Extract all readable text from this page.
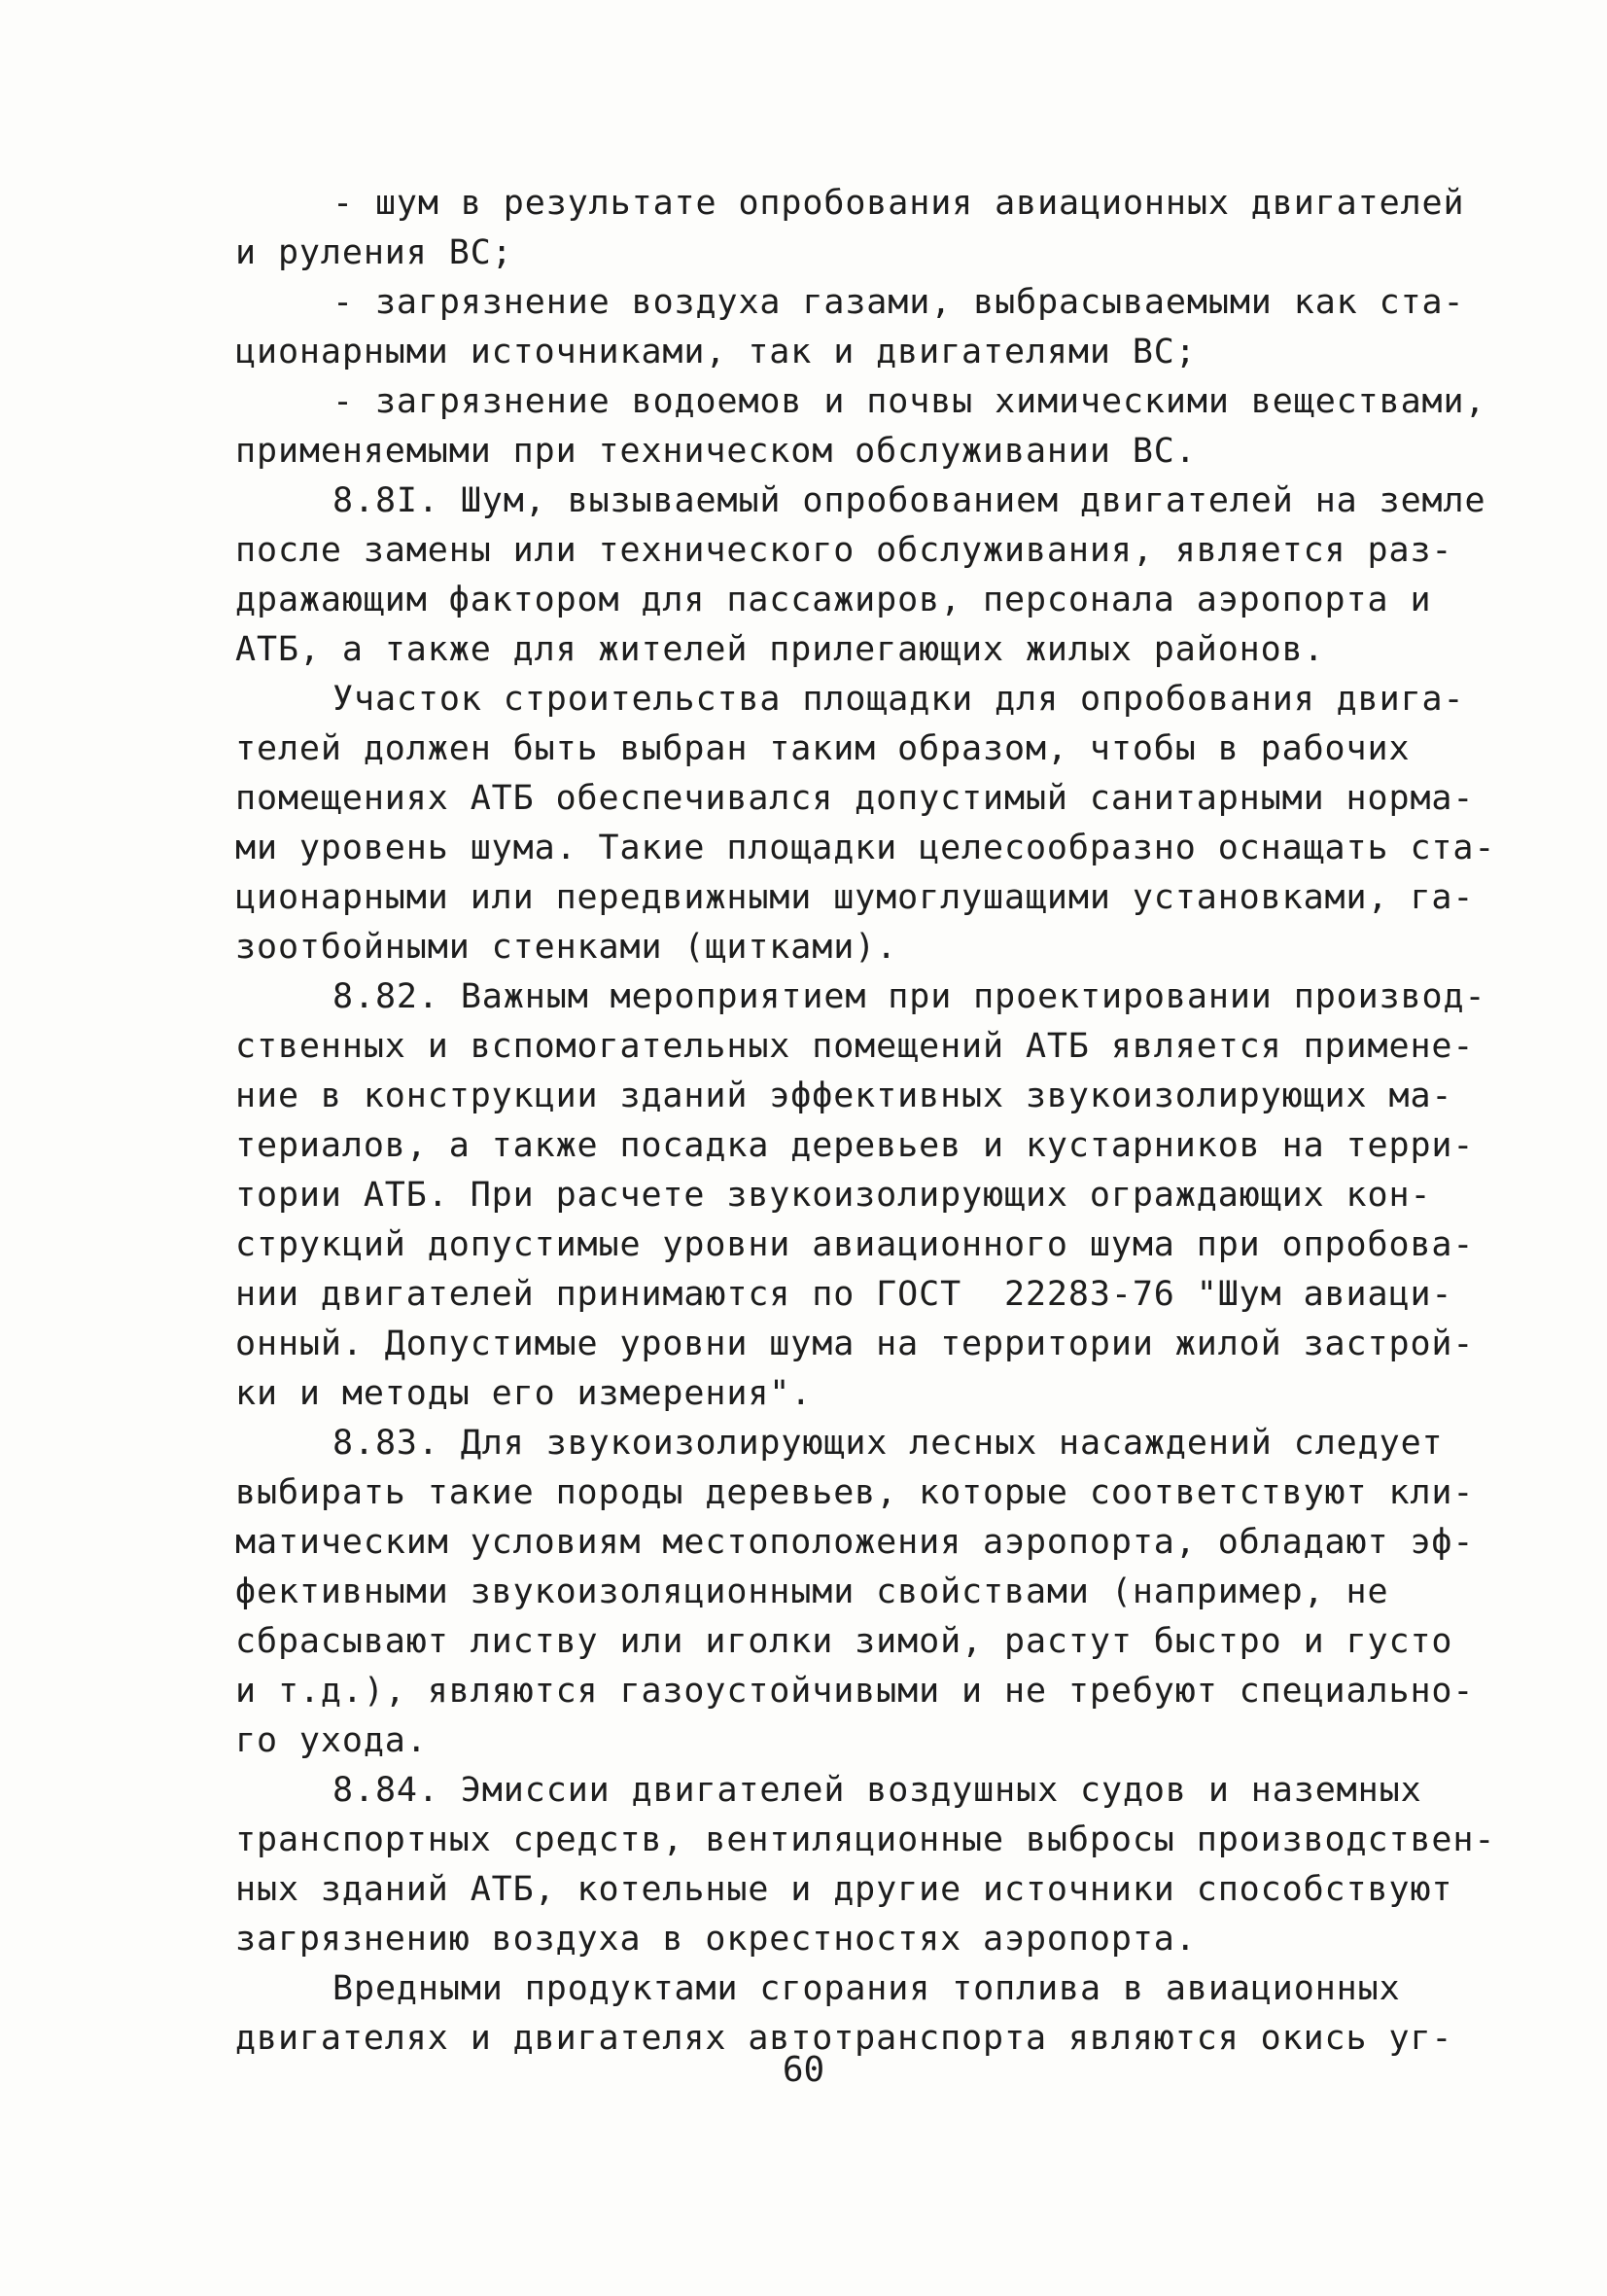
- шум в результате опробования авиационных двигателей
и руления ВС;
- загрязнение воздуха газами, выбрасываемыми как ста-
ционарными источниками, так и двигателями ВС;
- загрязнение водоемов и почвы химическими веществами,
применяемыми при техническом обслуживании ВС.
8.8I. Шум, вызываемый опробованием двигателей на земле
после замены или технического обслуживания, является раз-
дражающим фактором для пассажиров, персонала аэропорта и
АТБ, а также для жителей прилегающих жилых районов.
Участок строительства площадки для опробования двига-
телей должен быть выбран таким образом, чтобы в рабочих
помещениях АТБ обеспечивался допустимый санитарными норма-
ми уровень шума. Такие площадки целесообразно оснащать ста-
ционарными или передвижными шумоглушащими установками, га-
зоотбойными стенками (щитками).
8.82. Важным мероприятием при проектировании производ-
ственных и вспомогательных помещений АТБ является примене-
ние в конструкции зданий эффективных звукоизолирующих ма-
териалов, а также посадка деревьев и кустарников на терри-
тории АТБ. При расчете звукоизолирующих ограждающих кон-
струкций допустимые уровни авиационного шума при опробова-
нии двигателей принимаются по ГОСТ  22283-76 "Шум авиаци-
онный. Допустимые уровни шума на территории жилой застрой-
ки и методы его измерения".
8.83. Для звукоизолирующих лесных насаждений следует
выбирать такие породы деревьев, которые соответствуют кли-
матическим условиям местоположения аэропорта, обладают эф-
фективными звукоизоляционными свойствами (например, не
сбрасывают листву или иголки зимой, растут быстро и густо
и т.д.), являются газоустойчивыми и не требуют специально-
го ухода.
8.84. Эмиссии двигателей воздушных судов и наземных
транспортных средств, вентиляционные выбросы производствен-
ных зданий АТБ, котельные и другие источники способствуют
загрязнению воздуха в окрестностях аэропорта.
Вредными продуктами сгорания топлива в авиационных
двигателях и двигателях автотранспорта являются окись уг-
60
